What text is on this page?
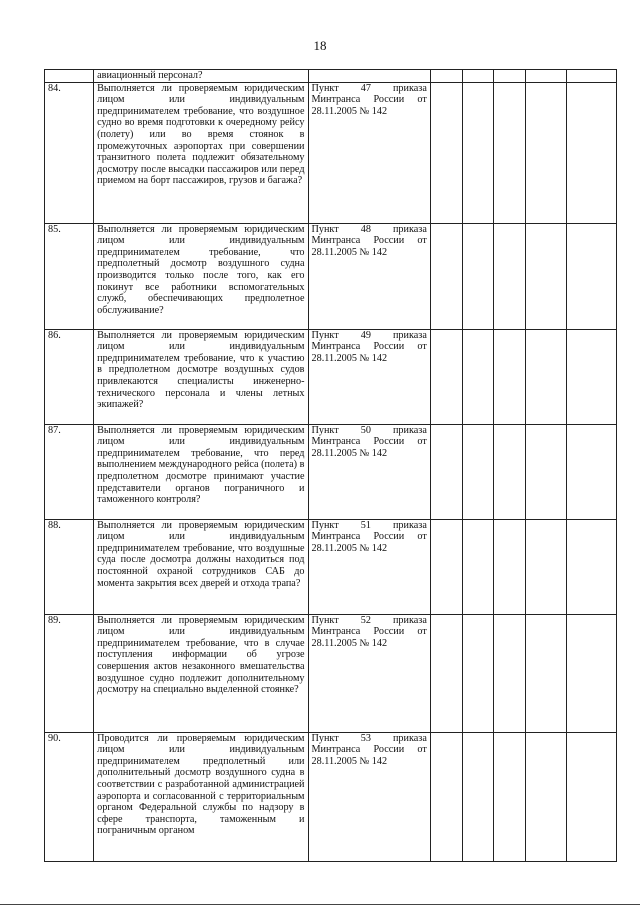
18
	авиационный персонал?						
84.	Выполняется ли проверяемым юридическим лицом или индивидуальным предпринимателем требование, что воздушное судно во время подготовки к очередному рейсу (полету) или во время стоянок в промежуточных аэропортах при совершении транзитного полета подлежит обязательному досмотру после высадки пассажиров или перед приемом на борт пассажиров, грузов и багажа?	Пункт 47 приказа Минтранса России от 28.11.2005 № 142					
85.	Выполняется ли проверяемым юридическим лицом или индивидуальным предпринимателем требование, что предполетный досмотр воздушного судна производится только после того, как его покинут все работники вспомогательных служб, обеспечивающих предполетное обслуживание?	Пункт 48 приказа Минтранса России от 28.11.2005 № 142					
86.	Выполняется ли проверяемым юридическим лицом или индивидуальным предпринимателем требование, что к участию в предполетном досмотре воздушных судов привлекаются специалисты инженерно-технического персонала и члены летных экипажей?	Пункт 49 приказа Минтранса России от 28.11.2005 № 142					
87.	Выполняется ли проверяемым юридическим лицом или индивидуальным предпринимателем требование, что перед выполнением международного рейса (полета) в предполетном досмотре принимают участие представители органов пограничного и таможенного контроля?	Пункт 50 приказа Минтранса России от 28.11.2005 № 142					
88.	Выполняется ли проверяемым юридическим лицом или индивидуальным предпринимателем требование, что воздушные суда после досмотра должны находиться под постоянной охраной сотрудников САБ до момента закрытия всех дверей и отхода трапа?	Пункт 51 приказа Минтранса России от 28.11.2005 № 142					
89.	Выполняется ли проверяемым юридическим лицом или индивидуальным предпринимателем требование, что в случае поступления информации об угрозе совершения актов незаконного вмешательства воздушное судно подлежит дополнительному досмотру на специально выделенной стоянке?	Пункт 52 приказа Минтранса России от 28.11.2005 № 142					
90.	Проводится ли проверяемым юридическим лицом или индивидуальным предпринимателем предполетный или дополнительный досмотр воздушного судна в соответствии с разработанной администрацией аэропорта и согласованной с территориальным органом Федеральной службы по надзору в сфере транспорта, таможенным и пограничным органом	Пункт 53 приказа Минтранса России от 28.11.2005 № 142					
